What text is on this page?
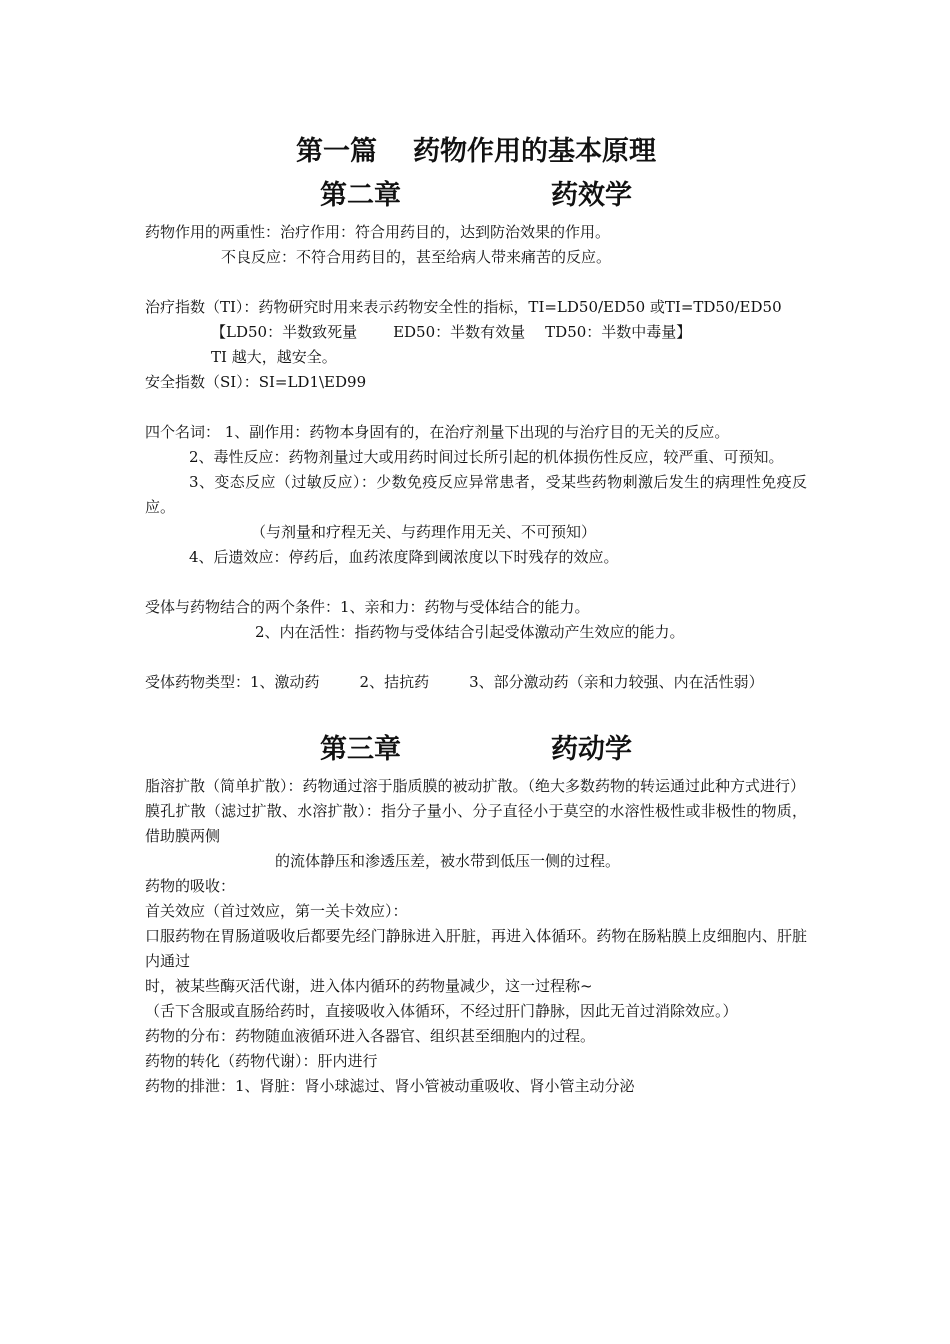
第一篇 药物作用的基本原理
第二章	药效学

药物作用的两重性：治疗作用：符合用药目的，达到防治效果的作用。

不良反应：不符合用药目的，甚至给病人带来痛苦的反应。

治疗指数（TI）：药物研究时用来表示药物安全性的指标，TI=LD50/ED50 或TI=TD50/ED50

【LD50：半数致死量 ED50：半数有效量 TD50：半数中毒量】

TI 越大，越安全。

安全指数（SI）：SI=LD1\ED99

四个名词： 1、副作用：药物本身固有的，在治疗剂量下出现的与治疗目的无关的反应。

2、毒性反应：药物剂量过大或用药时间过长所引起的机体损伤性反应，较严重、可预知。

3、变态反应（过敏反应）：少数免疫反应异常患者，受某些药物刺激后发生的病理性免疫反应。

（与剂量和疗程无关、与药理作用无关、不可预知）

4、后遗效应：停药后，血药浓度降到阈浓度以下时残存的效应。

受体与药物结合的两个条件：1、亲和力：药物与受体结合的能力。

2、内在活性：指药物与受体结合引起受体激动产生效应的能力。

受体药物类型：1、激动药	2、拮抗药	3、部分激动药（亲和力较强、内在活性弱）

第三章	药动学

脂溶扩散（简单扩散）：药物通过溶于脂质膜的被动扩散。（绝大多数药物的转运通过此种方式进行）

膜孔扩散（滤过扩散、水溶扩散）：指分子量小、分子直径小于莫空的水溶性极性或非极性的物质，借助膜两侧

的流体静压和渗透压差，被水带到低压一侧的过程。

药物的吸收：

首关效应（首过效应，第一关卡效应）：

口服药物在胃肠道吸收后都要先经门静脉进入肝脏，再进入体循环。药物在肠粘膜上皮细胞内、肝脏内通过

时，被某些酶灭活代谢，进入体内循环的药物量减少，这一过程称~

（舌下含服或直肠给药时，直接吸收入体循环，不经过肝门静脉，因此无首过消除效应。）

药物的分布：药物随血液循环进入各器官、组织甚至细胞内的过程。

药物的转化（药物代谢）：肝内进行

药物的排泄：1、肾脏：肾小球滤过、肾小管被动重吸收、肾小管主动分泌
